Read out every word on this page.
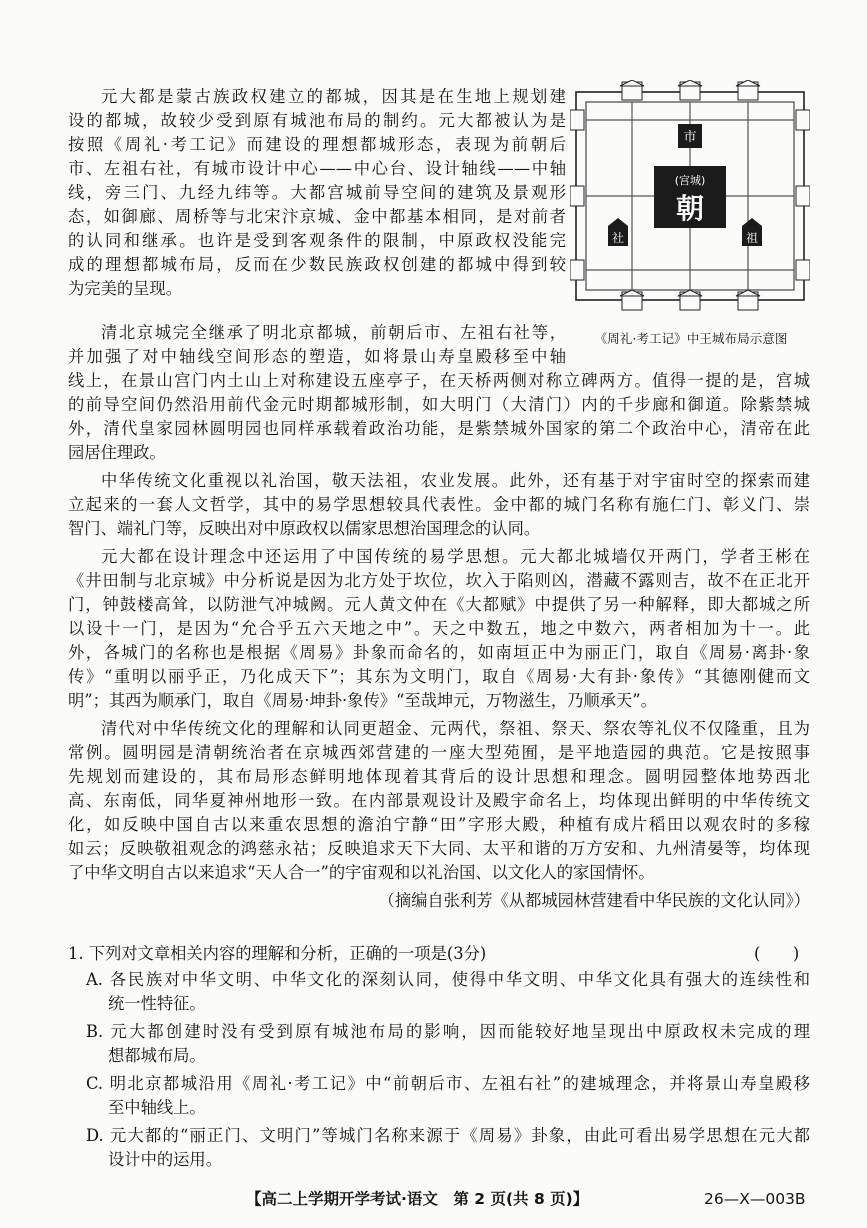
元大都是蒙古族政权建立的都城，因其是在生地上规划建
设的都城，故较少受到原有城池布局的制约。元大都被认为是
按照《周礼·考工记》而建设的理想都城形态，表现为前朝后
市、左祖右社，有城市设计中心——中心台、设计轴线——中轴
线，旁三门、九经九纬等。大都宫城前导空间的建筑及景观形
态，如御廊、周桥等与北宋汴京城、金中都基本相同，是对前者
的认同和继承。也许是受到客观条件的限制，中原政权没能完
成的理想都城布局，反而在少数民族政权创建的都城中得到较
为完美的呈现。
清北京城完全继承了明北京都城，前朝后市、左祖右社等，
并加强了对中轴线空间形态的塑造，如将景山寿皇殿移至中轴
线上，在景山宫门内土山上对称建设五座亭子，在天桥两侧对称立碑两方。值得一提的是，宫城
的前导空间仍然沿用前代金元时期都城形制，如大明门（大清门）内的千步廊和御道。除紫禁城
外，清代皇家园林圆明园也同样承载着政治功能，是紫禁城外国家的第二个政治中心，清帝在此
园居住理政。
中华传统文化重视以礼治国，敬天法祖，农业发展。此外，还有基于对宇宙时空的探索而建
立起来的一套人文哲学，其中的易学思想较具代表性。金中都的城门名称有施仁门、彰义门、崇
智门、端礼门等，反映出对中原政权以儒家思想治国理念的认同。
元大都在设计理念中还运用了中国传统的易学思想。元大都北城墙仅开两门，学者王彬在
《井田制与北京城》中分析说是因为北方处于坎位，坎入于陷则凶，潜藏不露则吉，故不在正北开
门，钟鼓楼高耸，以防泄气冲城阙。元人黄文仲在《大都赋》中提供了另一种解释，即大都城之所
以设十一门，是因为“允合乎五六天地之中”。天之中数五，地之中数六，两者相加为十一。此
外，各城门的名称也是根据《周易》卦象而命名的，如南垣正中为丽正门，取自《周易·离卦·象
传》“重明以丽乎正，乃化成天下”；其东为文明门，取自《周易·大有卦·象传》“其德刚健而文
明”；其西为顺承门，取自《周易·坤卦·象传》“至哉坤元，万物滋生，乃顺承天”。
清代对中华传统文化的理解和认同更超金、元两代，祭祖、祭天、祭农等礼仪不仅隆重，且为
常例。圆明园是清朝统治者在京城西郊营建的一座大型苑囿，是平地造园的典范。它是按照事
先规划而建设的，其布局形态鲜明地体现着其背后的设计思想和理念。圆明园整体地势西北
高、东南低，同华夏神州地形一致。在内部景观设计及殿宇命名上，均体现出鲜明的中华传统文
化，如反映中国自古以来重农思想的澹泊宁静“田”字形大殿，种植有成片稻田以观农时的多稼
如云；反映敬祖观念的鸿慈永祜；反映追求天下大同、太平和谐的万方安和、九州清晏等，均体现
了中华文明自古以来追求“天人合一”的宇宙观和以礼治国、以文化人的家国情怀。
（摘编自张利芳《从都城园林营建看中华民族的文化认同》）
市
(宫城)
朝
社	祖
《周礼·考工记》中王城布局示意图
1. 下列对文章相关内容的理解和分析，正确的一项是(3分)	(　　)
A. 各民族对中华文明、中华文化的深刻认同，使得中华文明、中华文化具有强大的连续性和
统一性特征。
B. 元大都创建时没有受到原有城池布局的影响，因而能较好地呈现出中原政权未完成的理
想都城布局。
C. 明北京都城沿用《周礼·考工记》中“前朝后市、左祖右社”的建城理念，并将景山寿皇殿移
至中轴线上。
D. 元大都的“丽正门、文明门”等城门名称来源于《周易》卦象，由此可看出易学思想在元大都
设计中的运用。
【高二上学期开学考试·语文　第 2 页(共 8 页)】	26—X—003B
